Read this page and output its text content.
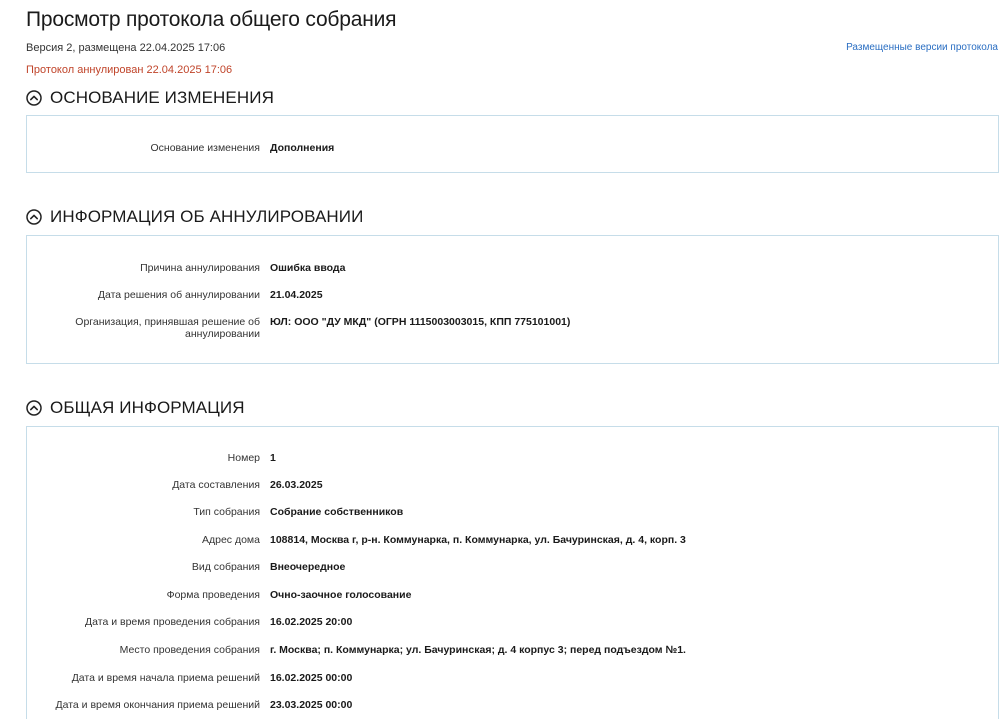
Просмотр протокола общего собрания
Версия 2, размещена 22.04.2025 17:06
Протокол аннулирован 22.04.2025 17:06
Размещенные версии протокола
ОСНОВАНИЕ ИЗМЕНЕНИЯ
Основание изменения Дополнения
ИНФОРМАЦИЯ ОБ АННУЛИРОВАНИИ
Причина аннулирования Ошибка ввода
Дата решения об аннулировании 21.04.2025
Организация, принявшая решение об аннулировании
ЮЛ: ООО "ДУ МКД" (ОГРН 1115003003015, КПП 775101001)
ОБЩАЯ ИНФОРМАЦИЯ
Номер 1
Дата составления 26.03.2025
Тип собрания Собрание собственников
Адрес дома 108814, Москва г, р-н. Коммунарка, п. Коммунарка, ул. Бачуринская, д. 4, корп. 3
Вид собрания Внеочередное
Форма проведения Очно-заочное голосование
Дата и время проведения собрания 16.02.2025 20:00
Место проведения собрания г. Москва; п. Коммунарка; ул. Бачуринская; д. 4 корпус 3; перед подъездом №1.
Дата и время начала приема решений 16.02.2025 00:00
Дата и время окончания приема решений 23.03.2025 00:00
